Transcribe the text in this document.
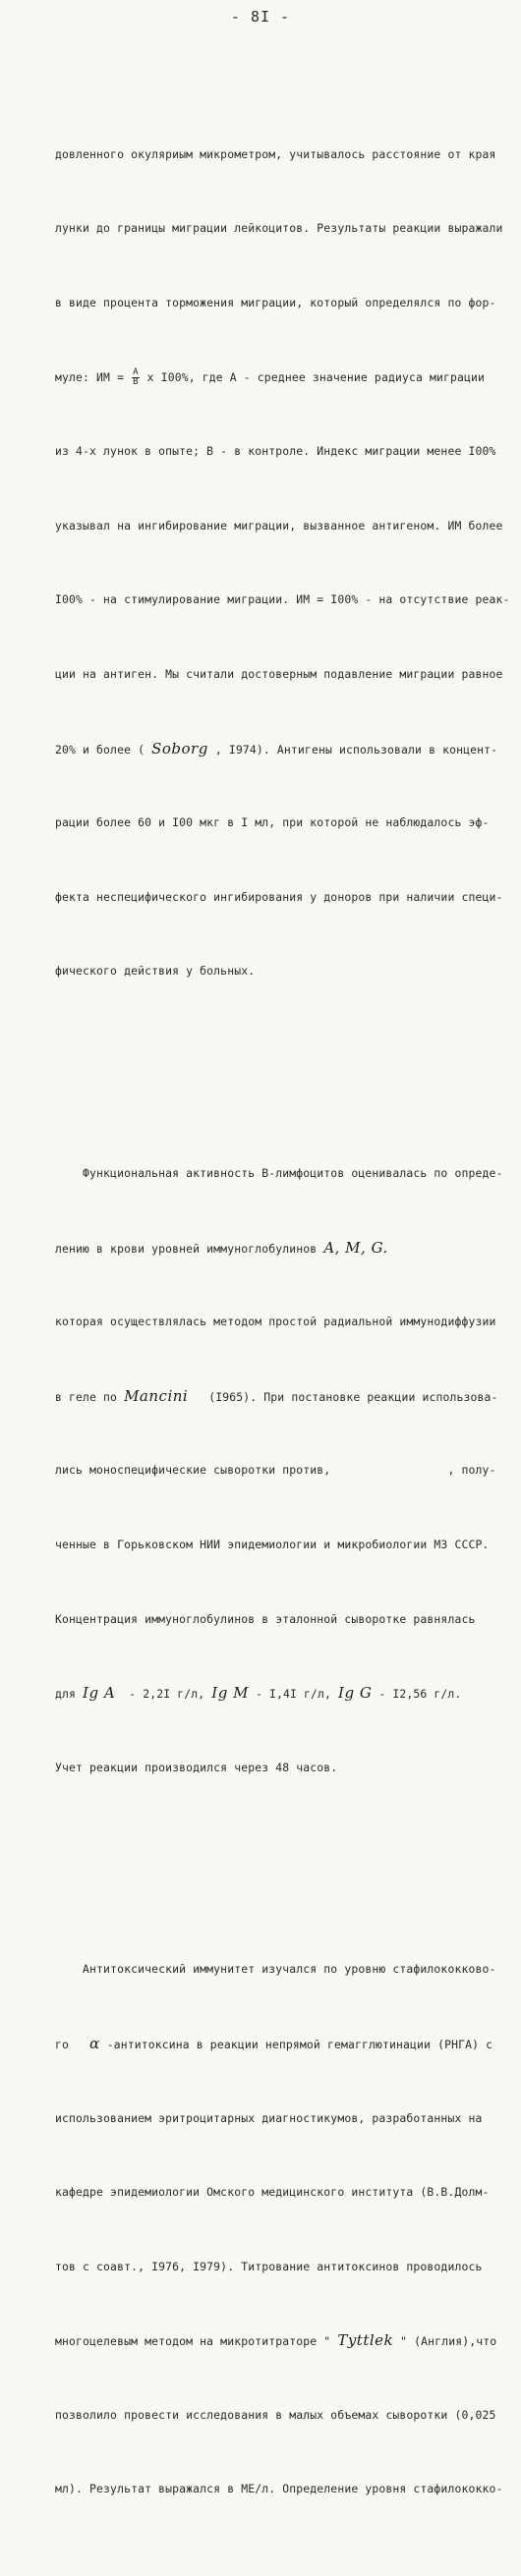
- 8I -

довленного окуляриым микрометром, учитывалось расстояние от края

лунки до границы миграции лейкоцитов. Результаты реакции выражали

в виде процента торможения миграции, который определялся по фор-

муле: ИМ = $\frac{A}{B}$ x I00%, где А - среднее значение радиуса миграции

из 4-х лунок в опыте; В - в контроле. Индекс миграции менее I00%

указывал на ингибирование миграции, вызванное антигеном. ИМ более

I00% - на стимулирование миграции. ИМ = I00% - на отсутствие реак-

ции на антиген. Мы считали достоверным подавление миграции равное

20% и более ( Soborg , I974). Антигены использовали в концент-

рации более 60 и I00 мкг в I мл, при которой не наблюдалось эф-

фекта неспецифического ингибирования у доноров при наличии специ-

фического действия у больных.

Функциональная активность В-лимфоцитов оценивалась по опреде-

лению в крови уровней иммуноглобулинов A, M, G.

которая осуществлялась методом простой радиальной иммунодиффузии

в геле по Mancini   (I965). При постановке реакции использова-

лись моноспецифические сыворотки против,                 , полу-

ченные в Горьковском НИИ эпидемиологии и микробиологии МЗ СССР.

Концентрация иммуноглобулинов в эталонной сыворотке равнялась

для Ig A  - 2,2I г/л, Ig M - I,4I г/л, Ig G - I2,56 г/л.

Учет реакции производился через 48 часов.

Антитоксический иммунитет изучался по уровню стафилококково-

го   α -антитоксина в реакции непрямой гемагглютинации (РНГА) с

использованием эритроцитарных диагностикумов, разработанных на

кафедре эпидемиологии Омского медицинского института (В.В.Долм-

тов с соавт., I976, I979). Титрование антитоксинов проводилось

многоцелевым методом на микротитраторе " Tyttlek " (Англия),что

позволило провести исследования в малых объемах сыворотки (0,025

мл). Результат выражался в ME/л. Определение уровня стафилококко-
